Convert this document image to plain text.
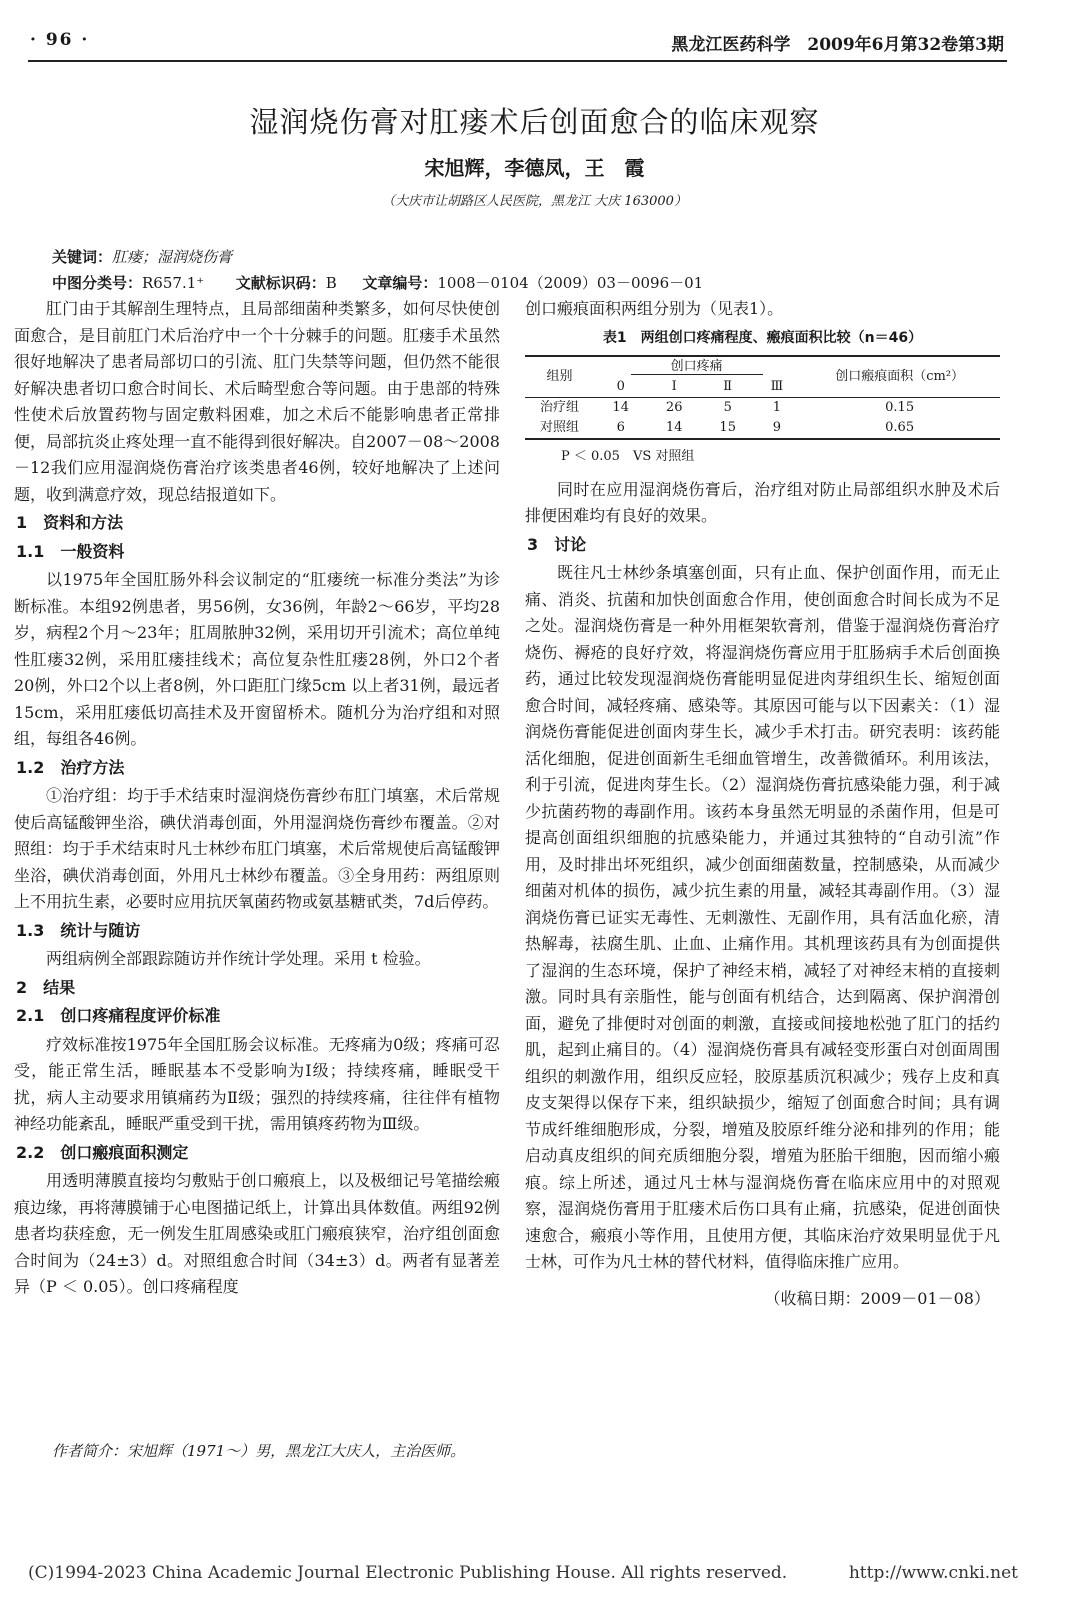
· 96 ·	黑龙江医药科学　2009年6月第32卷第3期
湿润烧伤膏对肛瘘术后创面愈合的临床观察
宋旭辉，李德凤，王　霞
（大庆市让胡路区人民医院，黑龙江 大庆 163000）
关键词：肛瘘；湿润烧伤膏
中图分类号：R657.1⁺ 文献标识码：B 文章编号：1008－0104（2009）03－0096－01

肛门由于其解剖生理特点，且局部细菌种类繁多，如何尽快使创面愈合，是目前肛门术后治疗中一个十分棘手的问题。肛瘘手术虽然很好地解决了患者局部切口的引流、肛门失禁等问题，但仍然不能很好解决患者切口愈合时间长、术后畸型愈合等问题。由于患部的特殊性使术后放置药物与固定敷料困难，加之术后不能影响患者正常排便，局部抗炎止疼处理一直不能得到很好解决。自2007－08～2008－12我们应用湿润烧伤膏治疗该类患者46例，较好地解决了上述问题，收到满意疗效，现总结报道如下。

1　资料和方法
1.1　一般资料

以1975年全国肛肠外科会议制定的“肛瘘统一标准分类法”为诊断标准。本组92例患者，男56例，女36例，年龄2～66岁，平均28岁，病程2个月～23年；肛周脓肿32例，采用切开引流术；高位单纯性肛瘘32例，采用肛瘘挂线术；高位复杂性肛瘘28例，外口2个者20例，外口2个以上者8例，外口距肛门缘5cm 以上者31例，最远者15cm，采用肛瘘低切高挂术及开窗留桥术。随机分为治疗组和对照组，每组各46例。

1.2　治疗方法

①治疗组：均于手术结束时湿润烧伤膏纱布肛门填塞，术后常规使后高锰酸钾坐浴，碘伏消毒创面，外用湿润烧伤膏纱布覆盖。②对照组：均于手术结束时凡士林纱布肛门填塞，术后常规使后高锰酸钾坐浴，碘伏消毒创面，外用凡士林纱布覆盖。③全身用药：两组原则上不用抗生素，必要时应用抗厌氧菌药物或氨基糖甙类，7d后停药。

1.3　统计与随访

两组病例全部跟踪随访并作统计学处理。采用 t 检验。

2　结果
2.1　创口疼痛程度评价标准

疗效标准按1975年全国肛肠会议标准。无疼痛为0级；疼痛可忍受，能正常生活，睡眠基本不受影响为Ⅰ级；持续疼痛，睡眠受干扰，病人主动要求用镇痛药为Ⅱ级；强烈的持续疼痛，往往伴有植物神经功能紊乱，睡眠严重受到干扰，需用镇疼药物为Ⅲ级。

2.2　创口瘢痕面积测定

用透明薄膜直接均匀敷贴于创口瘢痕上，以及极细记号笔描绘瘢痕边缘，再将薄膜铺于心电图描记纸上，计算出具体数值。两组92例患者均获痊愈，无一例发生肛周感染或肛门瘢痕狭窄，治疗组创面愈合时间为（24±3）d。对照组愈合时间（34±3）d。两者有显著差异（P ＜ 0.05）。创口疼痛程度

创口瘢痕面积两组分别为（见表1）。

表1　两组创口疼痛程度、瘢痕面积比较（n＝46）
组别	创口疼痛				创口瘢痕面积（cm²）
	0	Ⅰ	Ⅱ	Ⅲ	
治疗组	14	26	5	1	0.15
对照组	6	14	15	9	0.65
P ＜ 0.05　VS 对照组

同时在应用湿润烧伤膏后，治疗组对防止局部组织水肿及术后排便困难均有良好的效果。

3　讨论

既往凡士林纱条填塞创面，只有止血、保护创面作用，而无止痛、消炎、抗菌和加快创面愈合作用，使创面愈合时间长成为不足之处。湿润烧伤膏是一种外用框架软膏剂，借鉴于湿润烧伤膏治疗烧伤、褥疮的良好疗效，将湿润烧伤膏应用于肛肠病手术后创面换药，通过比较发现湿润烧伤膏能明显促进肉芽组织生长、缩短创面愈合时间，减轻疼痛、感染等。其原因可能与以下因素关：（1）湿润烧伤膏能促进创面肉芽生长，减少手术打击。研究表明：该药能活化细胞，促进创面新生毛细血管增生，改善微循环。利用该法，利于引流，促进肉芽生长。（2）湿润烧伤膏抗感染能力强，利于减少抗菌药物的毒副作用。该药本身虽然无明显的杀菌作用，但是可提高创面组织细胞的抗感染能力，并通过其独特的“自动引流”作用，及时排出坏死组织，减少创面细菌数量，控制感染，从而减少细菌对机体的损伤，减少抗生素的用量，减轻其毒副作用。（3）湿润烧伤膏已证实无毒性、无刺激性、无副作用，具有活血化瘀，清热解毒，祛腐生肌、止血、止痛作用。其机理该药具有为创面提供了湿润的生态环境，保护了神经末梢，减轻了对神经末梢的直接刺激。同时具有亲脂性，能与创面有机结合，达到隔离、保护润滑创面，避免了排便时对创面的刺激，直接或间接地松弛了肛门的括约肌，起到止痛目的。（4）湿润烧伤膏具有减轻变形蛋白对创面周围组织的刺激作用，组织反应轻，胶原基质沉积减少；残存上皮和真皮支架得以保存下来，组织缺损少，缩短了创面愈合时间；具有调节成纤维细胞形成，分裂，增殖及胶原纤维分泌和排列的作用；能启动真皮组织的间充质细胞分裂，增殖为胚胎干细胞，因而缩小瘢痕。综上所述，通过凡士林与湿润烧伤膏在临床应用中的对照观察，湿润烧伤膏用于肛瘘术后伤口具有止痛，抗感染，促进创面快速愈合，瘢痕小等作用，且使用方便，其临床治疗效果明显优于凡士林，可作为凡士林的替代材料，值得临床推广应用。

（收稿日期：2009－01－08）
作者简介：宋旭辉（1971～）男，黑龙江大庆人，主治医师。
(C)1994-2023 China Academic Journal Electronic Publishing House. All rights reserved.	http://www.cnki.net
